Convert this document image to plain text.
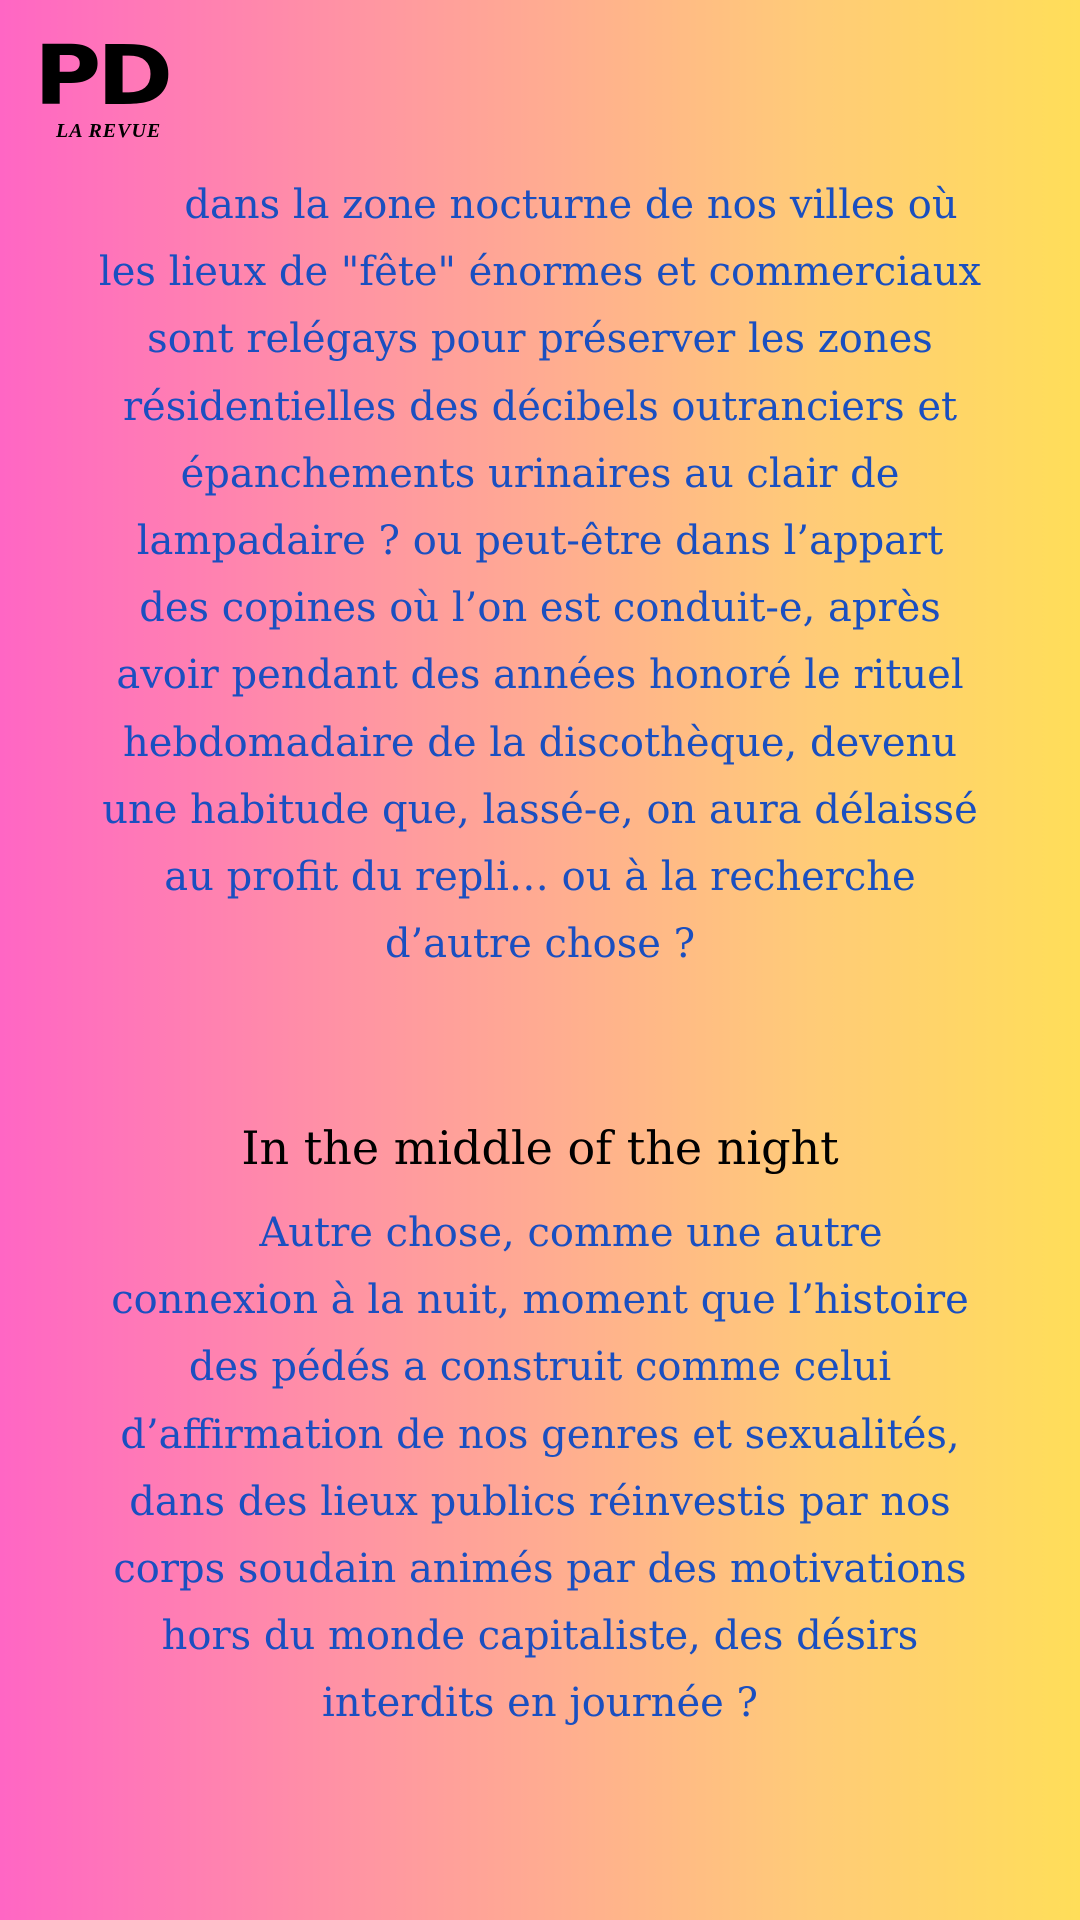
PD
LA REVUE

dans la zone nocturne de nos villes où les lieux de "fête" énormes et commerciaux sont relégays pour préserver les zones résidentielles des décibels outranciers et épanchements urinaires au clair de lampadaire ? ou peut-être dans l’appart des copines où l’on est conduit-e, après avoir pendant des années honoré le rituel hebdomadaire de la discothèque, devenu une habitude que, lassé-e, on aura délaissé au profit du repli… ou à la recherche d’autre chose ?

In the middle of the night

Autre chose, comme une autre connexion à la nuit, moment que l’histoire des pédés a construit comme celui d’affirmation de nos genres et sexualités, dans des lieux publics réinvestis par nos corps soudain animés par des motivations hors du monde capitaliste, des désirs interdits en journée ?
